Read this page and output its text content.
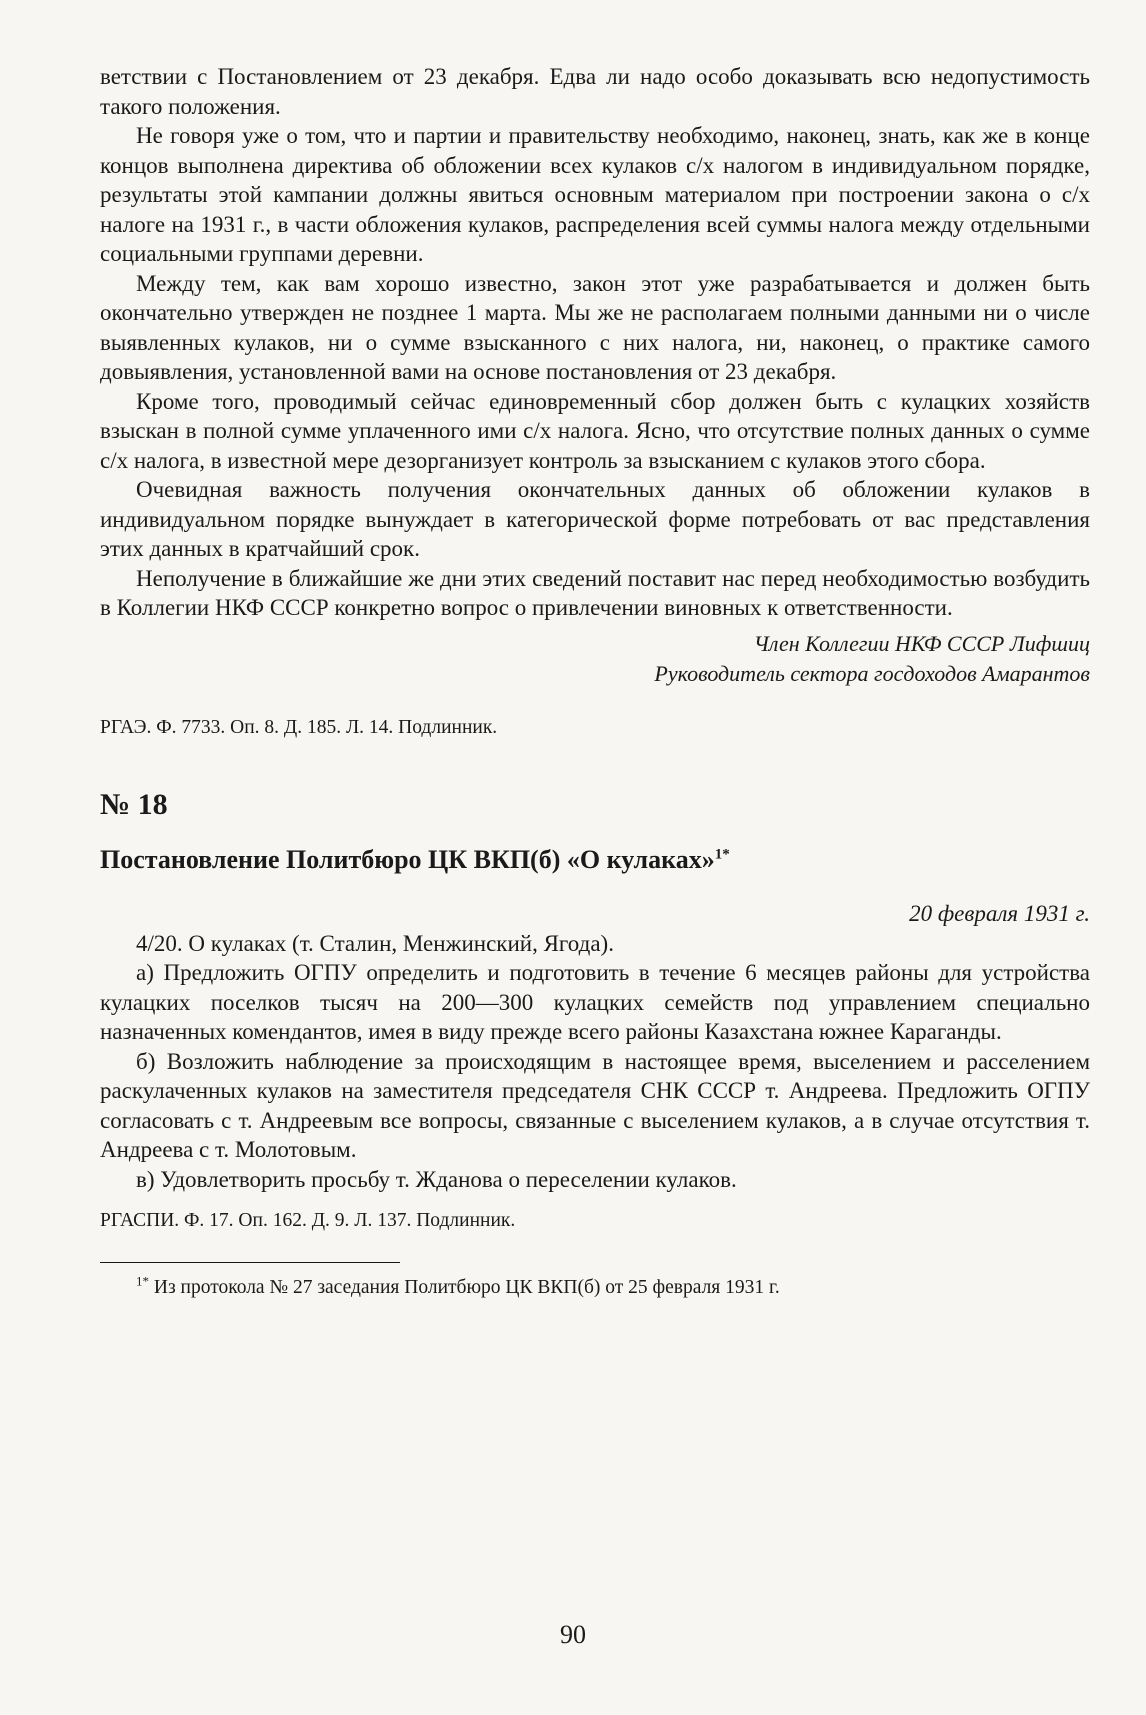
ветствии с Постановлением от 23 декабря. Едва ли надо особо доказывать всю недопустимость такого положения.

Не говоря уже о том, что и партии и правительству необходимо, наконец, знать, как же в конце концов выполнена директива об обложении всех кулаков с/х налогом в индивидуальном порядке, результаты этой кампании должны явиться основным материалом при построении закона о с/х налоге на 1931 г., в части обложения кулаков, распределения всей суммы налога между отдельными социальными группами деревни.

Между тем, как вам хорошо известно, закон этот уже разрабатывается и должен быть окончательно утвержден не позднее 1 марта. Мы же не располагаем полными данными ни о числе выявленных кулаков, ни о сумме взысканного с них налога, ни, наконец, о практике самого довыявления, установленной вами на основе постановления от 23 декабря.

Кроме того, проводимый сейчас единовременный сбор должен быть с кулацких хозяйств взыскан в полной сумме уплаченного ими с/х налога. Ясно, что отсутствие полных данных о сумме с/х налога, в известной мере дезорганизует контроль за взысканием с кулаков этого сбора.

Очевидная важность получения окончательных данных об обложении кулаков в индивидуальном порядке вынуждает в категорической форме потребовать от вас представления этих данных в кратчайший срок.

Неполучение в ближайшие же дни этих сведений поставит нас перед необходимостью возбудить в Коллегии НКФ СССР конкретно вопрос о привлечении виновных к ответственности.

Член Коллегии НКФ СССР Лифшиц
Руководитель сектора госдоходов Амарантов
РГАЭ. Ф. 7733. Оп. 8. Д. 185. Л. 14. Подлинник.
№ 18
Постановление Политбюро ЦК ВКП(б) «О кулаках»$^{1*}$
20 февраля 1931 г.

4/20. О кулаках (т. Сталин, Менжинский, Ягода).

а) Предложить ОГПУ определить и подготовить в течение 6 месяцев районы для устройства кулацких поселков тысяч на 200—300 кулацких семейств под управлением специально назначенных комендантов, имея в виду прежде всего районы Казахстана южнее Караганды.

б) Возложить наблюдение за происходящим в настоящее время, выселением и расселением раскулаченных кулаков на заместителя председателя СНК СССР т. Андреева. Предложить ОГПУ согласовать с т. Андреевым все вопросы, связанные с выселением кулаков, а в случае отсутствия т. Андреева с т. Молотовым.

в) Удовлетворить просьбу т. Жданова о переселении кулаков.

РГАСПИ. Ф. 17. Оп. 162. Д. 9. Л. 137. Подлинник.
$^{1*}$ Из протокола № 27 заседания Политбюро ЦК ВКП(б) от 25 февраля 1931 г.
90
